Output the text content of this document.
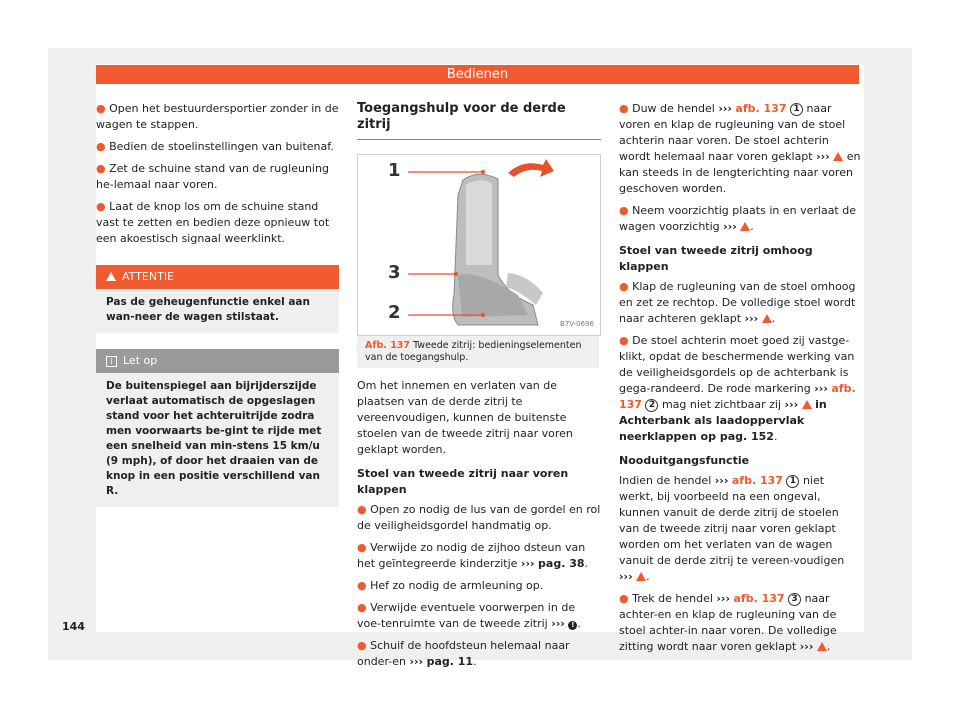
Bedienen

● Open het bestuurdersportier zonder in de wagen te stappen.

● Bedien de stoelinstellingen van buitenaf.

● Zet de schuine stand van de rugleuning he-lemaal naar voren.

● Laat de knop los om de schuine stand vast te zetten en bedien deze opnieuw tot een akoestisch signaal weerklinkt.

ATTENTIE
Pas de geheugenfunctie enkel aan wan-neer de wagen stilstaat.
i Let op
De buitenspiegel aan bijrijderszijde verlaat automatisch de opgeslagen stand voor het achteruitrijde zodra men voorwaarts be-gint te rijde met een snelheid van min-stens 15 km/u (9 mph), of door het draaien van de knop in een positie verschillend van R.
Toegangshulp voor de derde zitrij
1
3
2
B7V-0696
Afb. 137 Tweede zitrij: bedieningselementen van de toegangshulp.

Om het innemen en verlaten van de plaatsen van de derde zitrij te vereenvoudigen, kunnen de buitenste stoelen van de tweede zitrij naar voren geklapt worden.

Stoel van tweede zitrij naar voren klappen

● Open zo nodig de lus van de gordel en rol de veiligheidsgordel handmatig op.

● Verwijde zo nodig de zijhoo dsteun van het geïntegreerde kinderzitje ››› pag. 38.

● Hef zo nodig de armleuning op.

● Verwijde eventuele voorwerpen in de voe-tenruimte van de tweede zitrij ››› ! .

● Schuif de hoofdsteun helemaal naar onder-en ››› pag. 11.

● Duw de hendel ››› afb. 137 1 naar voren en klap de rugleuning van de stoel achterin naar voren. De stoel achterin wordt helemaal naar voren geklapt ››› en kan steeds in de lengterichting naar voren geschoven worden.

● Neem voorzichtig plaats in en verlaat de wagen voorzichtig ››› .

Stoel van tweede zitrij omhoog klappen

● Klap de rugleuning van de stoel omhoog en zet ze rechtop. De volledige stoel wordt naar achteren geklapt ››› .

● De stoel achterin moet goed zij vastge-klikt, opdat de beschermende werking van de veiligheidsgordels op de achterbank is gega-randeerd. De rode markering ››› afb. 137 2 mag niet zichtbaar zij ››› in Achterbank als laadoppervlak neerklappen op pag. 152.

Nooduitgangsfunctie

Indien de hendel ››› afb. 137 1 niet werkt, bij voorbeeld na een ongeval, kunnen vanuit de derde zitrij de stoelen van de tweede zitrij naar voren geklapt worden om het verlaten van de wagen vanuit de derde zitrij te vereen-voudigen ››› .

● Trek de hendel ››› afb. 137 3 naar achter-en en klap de rugleuning van de stoel achter-in naar voren. De volledige zitting wordt naar voren geklapt ››› .

144
